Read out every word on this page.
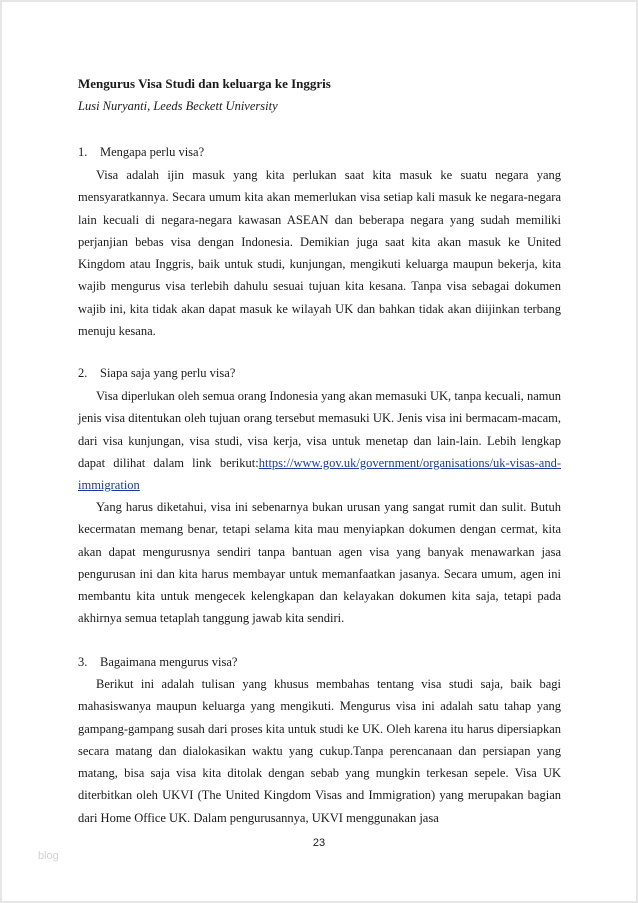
Mengurus Visa Studi dan keluarga ke Inggris
Lusi Nuryanti, Leeds Beckett University
1. Mengapa perlu visa?
Visa adalah ijin masuk yang kita perlukan saat kita masuk ke suatu negara yang mensyaratkannya. Secara umum kita akan memerlukan visa setiap kali masuk ke negara-negara lain kecuali di negara-negara kawasan ASEAN dan beberapa negara yang sudah memiliki perjanjian bebas visa dengan Indonesia. Demikian juga saat kita akan masuk ke United Kingdom atau Inggris, baik untuk studi, kunjungan, mengikuti keluarga maupun bekerja, kita wajib mengurus visa terlebih dahulu sesuai tujuan kita kesana. Tanpa visa sebagai dokumen wajib ini, kita tidak akan dapat masuk ke wilayah UK dan bahkan tidak akan diijinkan terbang menuju kesana.
2. Siapa saja yang perlu visa?
Visa diperlukan oleh semua orang Indonesia yang akan memasuki UK, tanpa kecuali, namun jenis visa ditentukan oleh tujuan orang tersebut memasuki UK. Jenis visa ini bermacam-macam, dari visa kunjungan, visa studi, visa kerja, visa untuk menetap dan lain-lain. Lebih lengkap dapat dilihat dalam link berikut:https://www.gov.uk/government/organisations/uk-visas-and-immigration
Yang harus diketahui, visa ini sebenarnya bukan urusan yang sangat rumit dan sulit. Butuh kecermatan memang benar, tetapi selama kita mau menyiapkan dokumen dengan cermat, kita akan dapat mengurusnya sendiri tanpa bantuan agen visa yang banyak menawarkan jasa pengurusan ini dan kita harus membayar untuk memanfaatkan jasanya. Secara umum, agen ini membantu kita untuk mengecek kelengkapan dan kelayakan dokumen kita saja, tetapi pada akhirnya semua tetaplah tanggung jawab kita sendiri.
3. Bagaimana mengurus visa?
Berikut ini adalah tulisan yang khusus membahas tentang visa studi saja, baik bagi mahasiswanya maupun keluarga yang mengikuti. Mengurus visa ini adalah satu tahap yang gampang-gampang susah dari proses kita untuk studi ke UK. Oleh karena itu harus dipersiapkan secara matang dan dialokasikan waktu yang cukup.Tanpa perencanaan dan persiapan yang matang, bisa saja visa kita ditolak dengan sebab yang mungkin terkesan sepele. Visa UK diterbitkan oleh UKVI (The United Kingdom Visas and Immigration) yang merupakan bagian dari Home Office UK. Dalam pengurusannya, UKVI menggunakan jasa
23
blog
